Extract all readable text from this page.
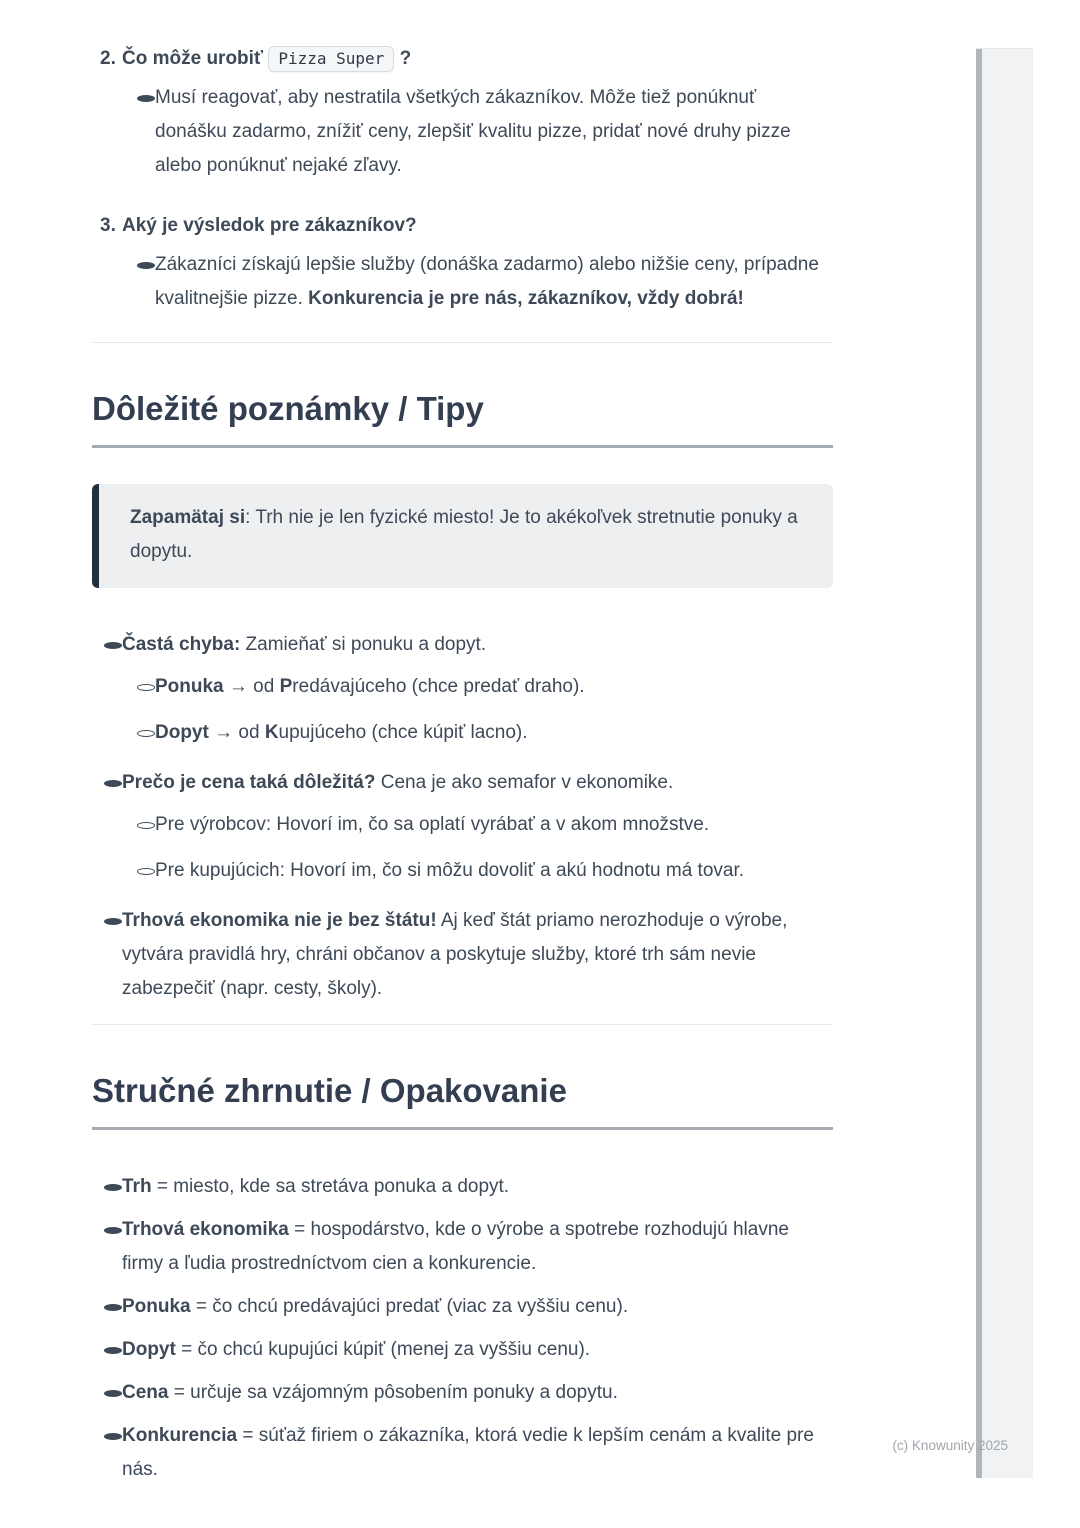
2. Čo môže urobiť Pizza Super ?

Musí reagovať, aby nestratila všetkých zákazníkov. Môže tiež ponúknuť donášku zadarmo, znížiť ceny, zlepšiť kvalitu pizze, pridať nové druhy pizze alebo ponúknuť nejaké zľavy.

3. Aký je výsledok pre zákazníkov?

Zákazníci získajú lepšie služby (donáška zadarmo) alebo nižšie ceny, prípadne kvalitnejšie pizze. Konkurencia je pre nás, zákazníkov, vždy dobrá!

Dôležité poznámky / Tipy

Zapamätaj si: Trh nie je len fyzické miesto! Je to akékoľvek stretnutie ponuky a dopytu.

Častá chyba: Zamieňať si ponuku a dopyt.

Ponuka → od Predávajúceho (chce predať draho).

Dopyt → od Kupujúceho (chce kúpiť lacno).

Prečo je cena taká dôležitá? Cena je ako semafor v ekonomike.

Pre výrobcov: Hovorí im, čo sa oplatí vyrábať a v akom množstve.

Pre kupujúcich: Hovorí im, čo si môžu dovoliť a akú hodnotu má tovar.

Trhová ekonomika nie je bez štátu! Aj keď štát priamo nerozhoduje o výrobe, vytvára pravidlá hry, chráni občanov a poskytuje služby, ktoré trh sám nevie zabezpečiť (napr. cesty, školy).

Stručné zhrnutie / Opakovanie

Trh = miesto, kde sa stretáva ponuka a dopyt.

Trhová ekonomika = hospodárstvo, kde o výrobe a spotrebe rozhodujú hlavne firmy a ľudia prostredníctvom cien a konkurencie.

Ponuka = čo chcú predávajúci predať (viac za vyššiu cenu).

Dopyt = čo chcú kupujúci kúpiť (menej za vyššiu cenu).

Cena = určuje sa vzájomným pôsobením ponuky a dopytu.

Konkurencia = súťaž firiem o zákazníka, ktorá vedie k lepším cenám a kvalite pre nás.

(c) Knowunity 2025
